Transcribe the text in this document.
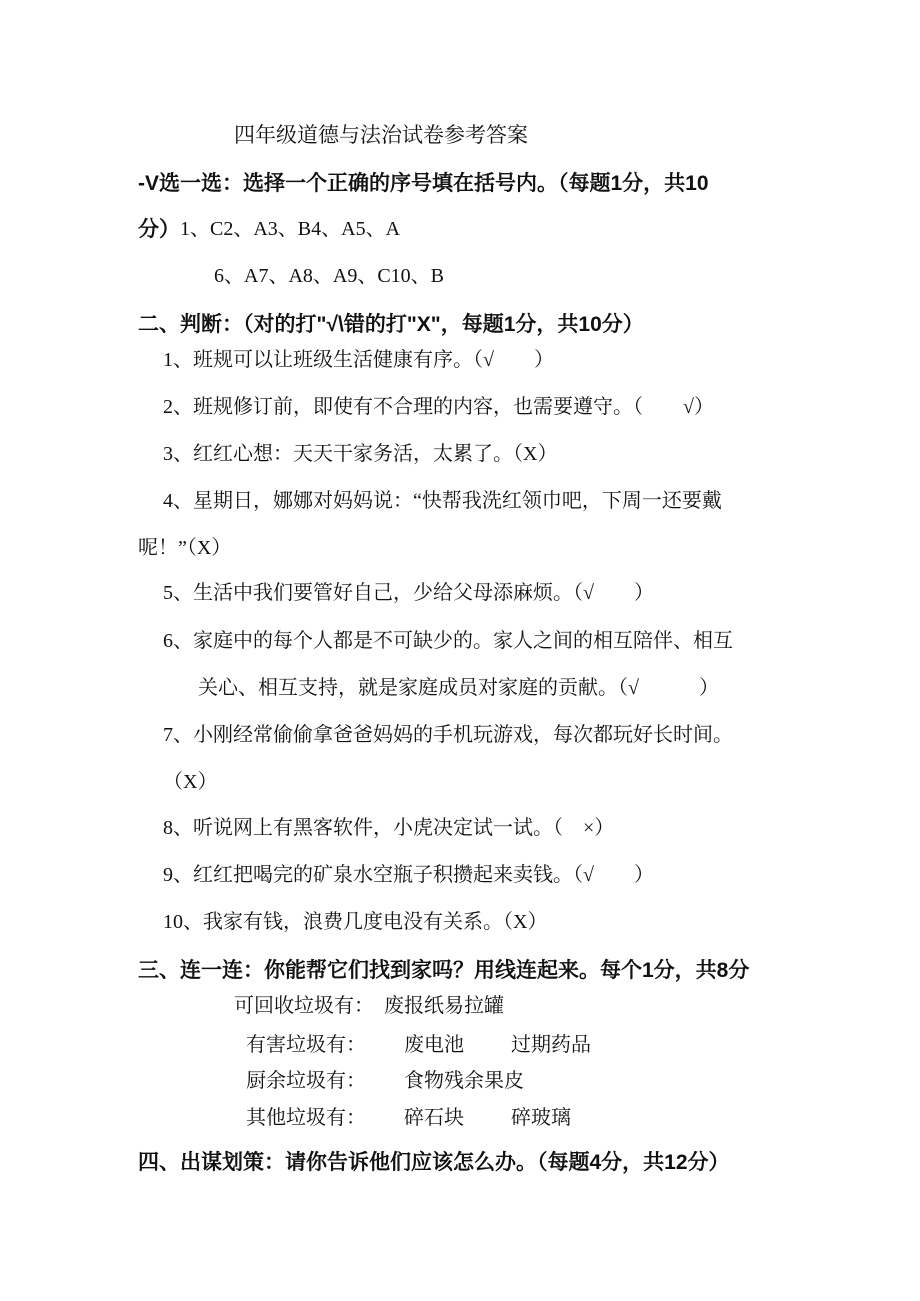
四年级道德与法治试卷参考答案
-V选一选：选择一个正确的序号填在括号内。（每题1分，共10
分） 1、C2、A3、B4、A5、A
6、A7、A8、A9、C10、B
二、判断：（对的打"√\错的打"X"，每题1分，共10分）
1、班规可以让班级生活健康有序。（√　　）
2、班规修订前，即使有不合理的内容，也需要遵守。（　　√）
3、红红心想：天天干家务活，太累了。（X）
4、星期日，娜娜对妈妈说：“快帮我洗红领巾吧，下周一还要戴
呢！”（X）
5、生活中我们要管好自己，少给父母添麻烦。（√　　）
6、家庭中的每个人都是不可缺少的。家人之间的相互陪伴、相互
关心、相互支持，就是家庭成员对家庭的贡献。（√　　　）
7、小刚经常偷偷拿爸爸妈妈的手机玩游戏，每次都玩好长时间。
（X）
8、听说网上有黑客软件，小虎决定试一试。（　×）
9、红红把喝完的矿泉水空瓶子积攒起来卖钱。（√　　）
10、我家有钱，浪费几度电没有关系。（X）
三、连一连：你能帮它们找到家吗？用线连起来。每个1分，共8分
可回收垃圾有： 废报纸易拉罐
有害垃圾有： 废电池 过期药品
厨余垃圾有： 食物残余果皮
其他垃圾有： 碎石块 碎玻璃
四、出谋划策：请你告诉他们应该怎么办。（每题4分，共12分）
